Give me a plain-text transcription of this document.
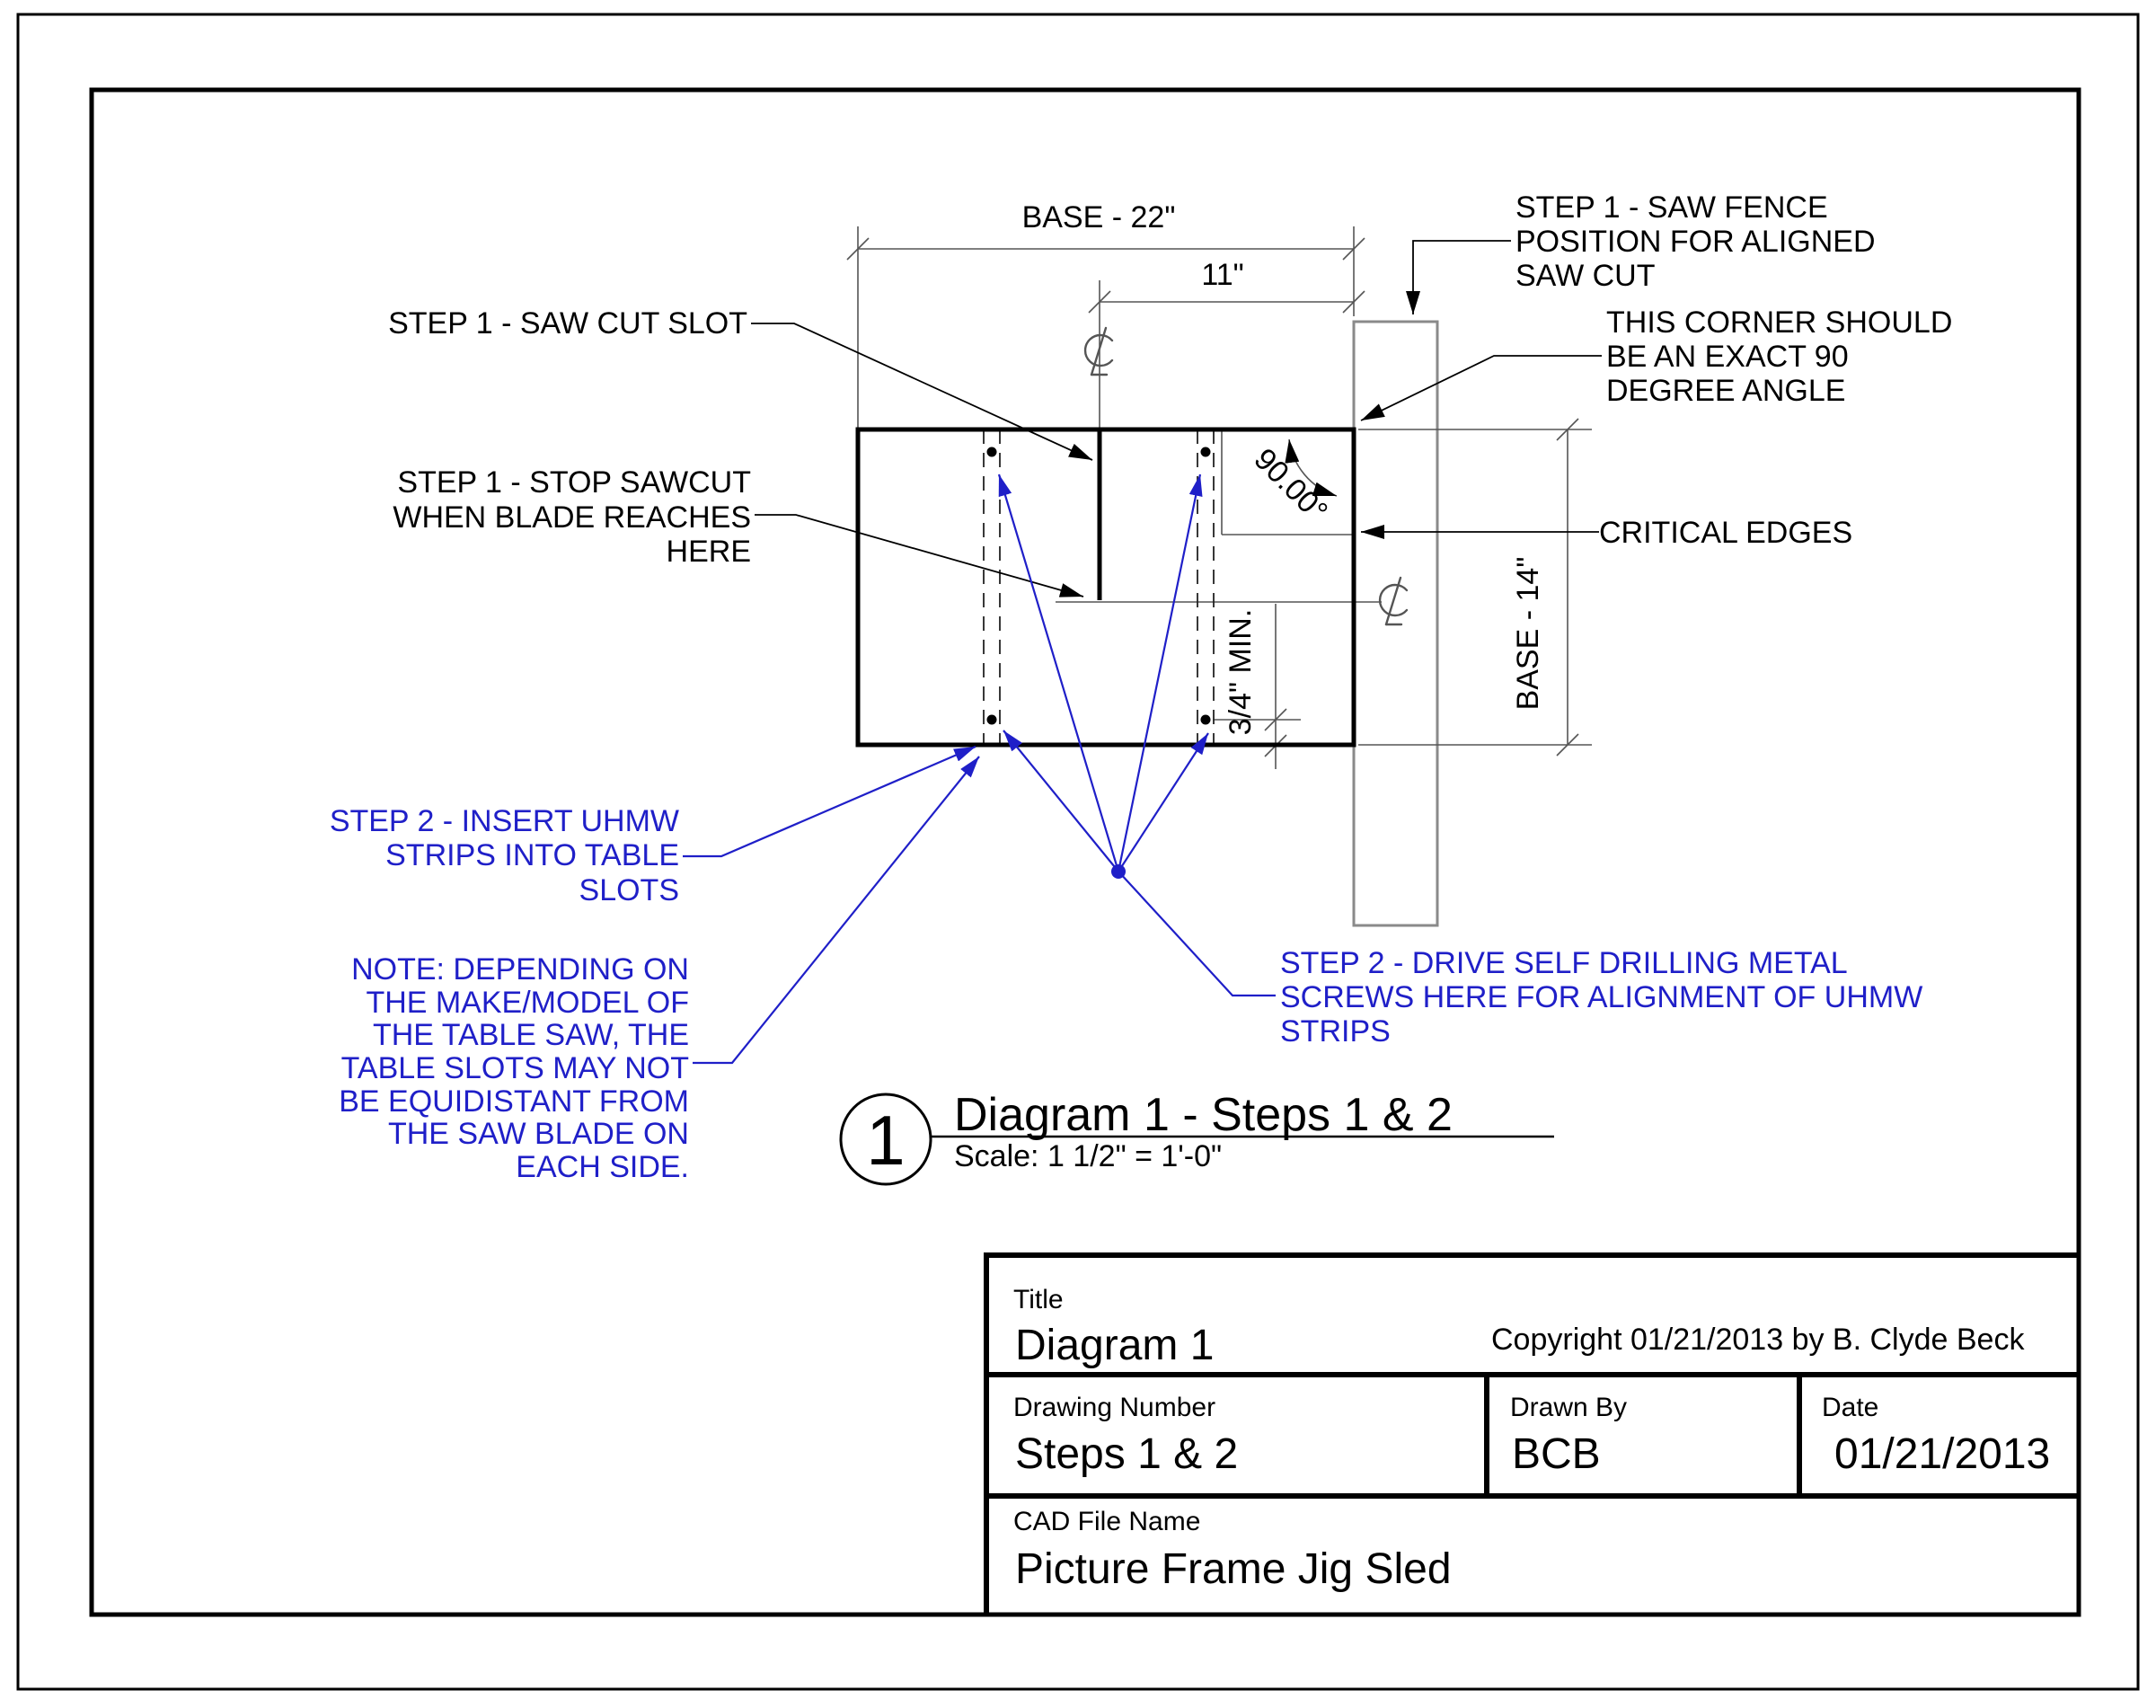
BASE - 22"
11"
BASE - 14"
3/4" MIN.
90.00°
STEP 1 - SAW CUT SLOT
STEP 1 - STOP SAWCUT
WHEN BLADE REACHES
HERE
STEP 1 - SAW FENCE
POSITION FOR ALIGNED
SAW CUT
THIS CORNER SHOULD
BE AN EXACT 90
DEGREE ANGLE
CRITICAL EDGES
STEP 2 - INSERT UHMW
STRIPS INTO TABLE
SLOTS
NOTE: DEPENDING ON
THE MAKE/MODEL OF
THE TABLE SAW, THE
TABLE SLOTS MAY NOT
BE EQUIDISTANT FROM
THE SAW BLADE ON
EACH SIDE.
STEP 2 - DRIVE SELF DRILLING METAL
SCREWS HERE FOR ALIGNMENT OF UHMW
STRIPS
1 Diagram 1 - Steps 1 & 2
Scale: 1 1/2" = 1'-0"
Title
Diagram 1	Copyright 01/21/2013 by B. Clyde Beck
Drawing Number
Steps 1 & 2
Drawn By
BCB
Date
01/21/2013
CAD File Name
Picture Frame Jig Sled
